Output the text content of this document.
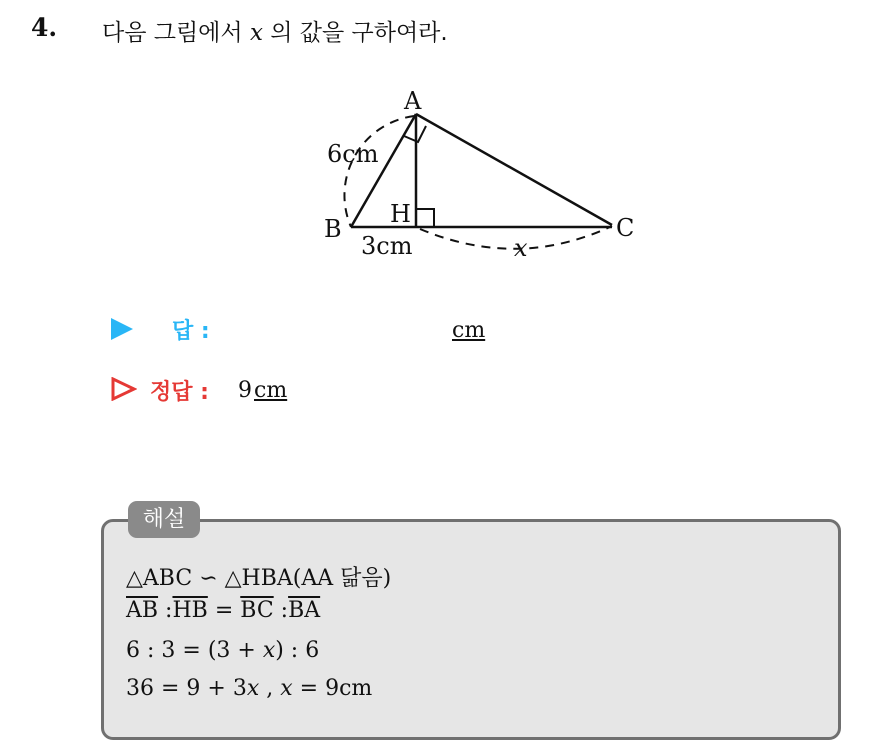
4. 다음 그림에서 x 의 값을 구하여라.
A
B	C
H
6cm
3cm	x
답 :	cm
정답 : 9cm
해설
△ABC ∽ △HBA(AA 닮음)
$\overline{AB}$ $:\overline{HB} = \overline{BC}$ $:\overline{BA}$
6 : 3 = (3 + x) : 6
36 = 9 + 3x , x = 9cm
